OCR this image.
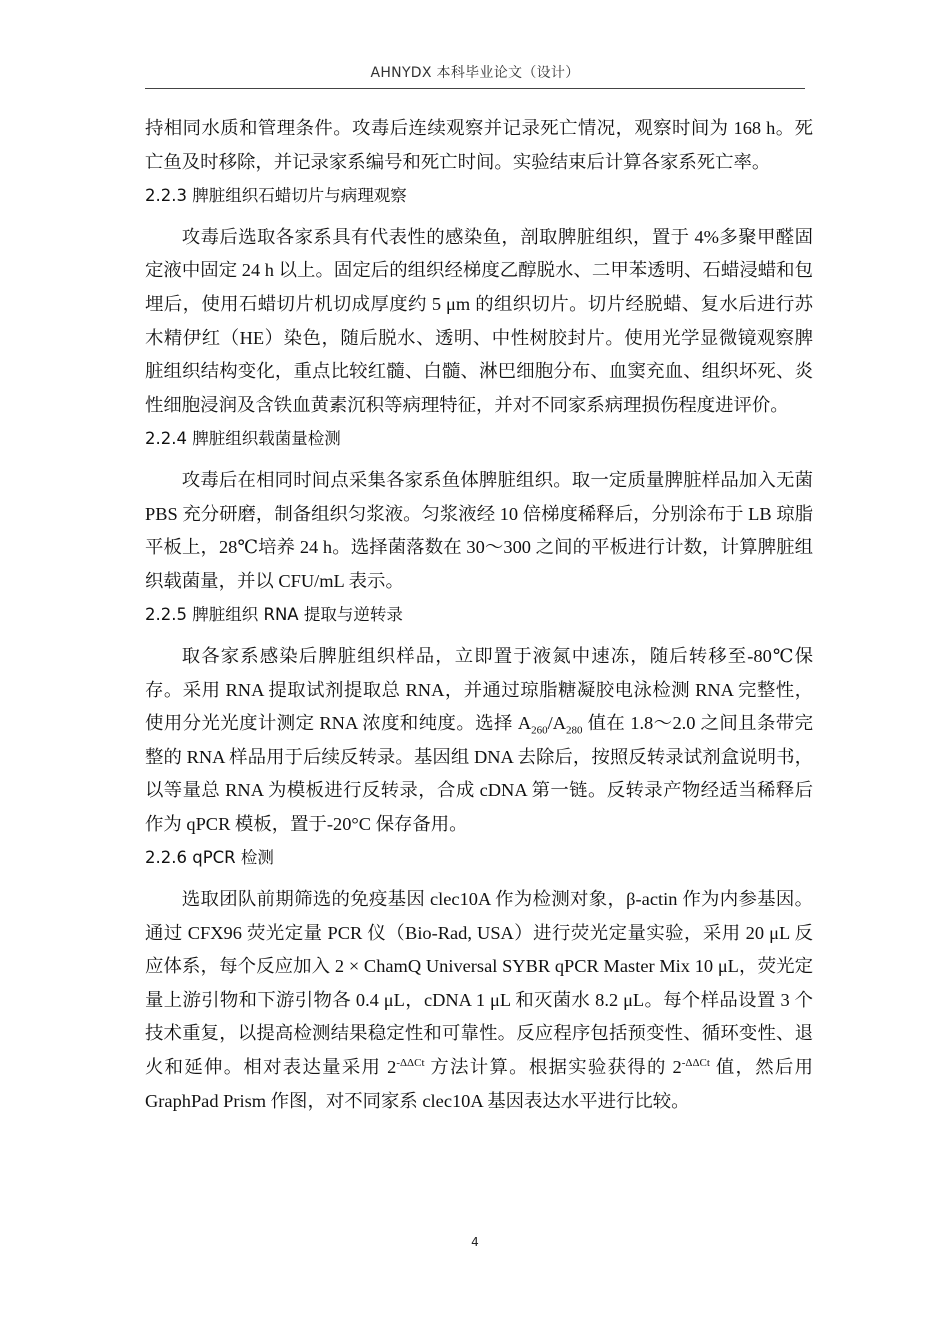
AHNYDX 本科毕业论文（设计）

持相同水质和管理条件。攻毒后连续观察并记录死亡情况，观察时间为 168 h。死亡鱼及时移除，并记录家系编号和死亡时间。实验结束后计算各家系死亡率。

2.2.3 脾脏组织石蜡切片与病理观察

攻毒后选取各家系具有代表性的感染鱼，剖取脾脏组织，置于 4%多聚甲醛固定液中固定 24 h 以上。固定后的组织经梯度乙醇脱水、二甲苯透明、石蜡浸蜡和包埋后，使用石蜡切片机切成厚度约 5 μm 的组织切片。切片经脱蜡、复水后进行苏木精伊红（HE）染色，随后脱水、透明、中性树胶封片。使用光学显微镜观察脾脏组织结构变化，重点比较红髓、白髓、淋巴细胞分布、血窦充血、组织坏死、炎性细胞浸润及含铁血黄素沉积等病理特征，并对不同家系病理损伤程度进评价。

2.2.4 脾脏组织载菌量检测

攻毒后在相同时间点采集各家系鱼体脾脏组织。取一定质量脾脏样品加入无菌 PBS 充分研磨，制备组织匀浆液。匀浆液经 10 倍梯度稀释后，分别涂布于 LB 琼脂平板上，28℃培养 24 h。选择菌落数在 30～300 之间的平板进行计数，计算脾脏组织载菌量，并以 CFU/mL 表示。

2.2.5 脾脏组织 RNA 提取与逆转录

取各家系感染后脾脏组织样品，立即置于液氮中速冻，随后转移至-80℃保存。采用 RNA 提取试剂提取总 RNA，并通过琼脂糖凝胶电泳检测 RNA 完整性，使用分光光度计测定 RNA 浓度和纯度。选择 $A_{260}/A_{280}$ 值在 1.8～2.0 之间且条带完整的 RNA 样品用于后续反转录。基因组 DNA 去除后，按照反转录试剂盒说明书，以等量总 RNA 为模板进行反转录，合成 cDNA 第一链。反转录产物经适当稀释后作为 qPCR 模板，置于-20°C 保存备用。

2.2.6 qPCR 检测

选取团队前期筛选的免疫基因 clec10A 作为检测对象，β-actin 作为内参基因。通过 CFX96 荧光定量 PCR 仪（Bio-Rad, USA）进行荧光定量实验，采用 20 μL 反应体系，每个反应加入 2 × ChamQ Universal SYBR qPCR Master Mix 10 μL，荧光定量上游引物和下游引物各 0.4 μL，cDNA 1 μL 和灭菌水 8.2 μL。每个样品设置 3 个技术重复，以提高检测结果稳定性和可靠性。反应程序包括预变性、循环变性、退火和延伸。相对表达量采用 $2^{-\Delta\Delta Ct}$ 方法计算。根据实验获得的 $2^{-\Delta\Delta Ct}$ 值，然后用 GraphPad Prism 作图，对不同家系 clec10A 基因表达水平进行比较。

4
